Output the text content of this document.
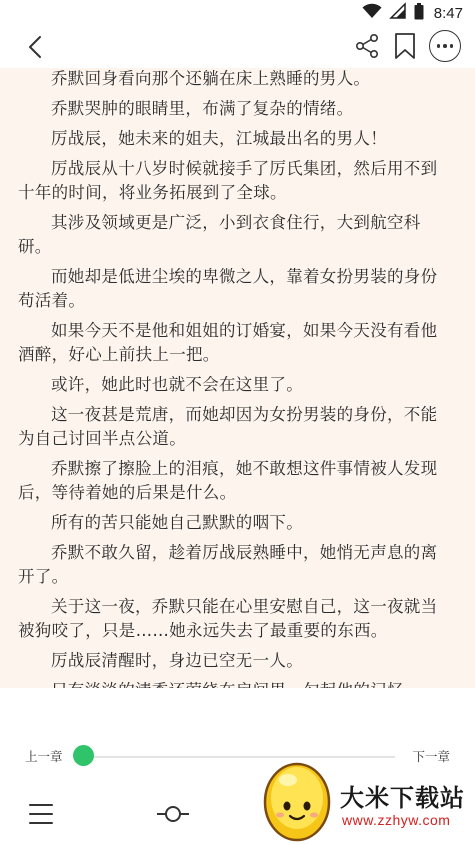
8:47

乔默回身看向那个还躺在床上熟睡的男人。

乔默哭肿的眼睛里，布满了复杂的情绪。

厉战辰，她未来的姐夫，江城最出名的男人！

厉战辰从十八岁时候就接手了厉氏集团，然后用不到十年的时间，将业务拓展到了全球。

其涉及领域更是广泛，小到衣食住行，大到航空科研。

而她却是低进尘埃的卑微之人，靠着女扮男装的身份苟活着。

如果今天不是他和姐姐的订婚宴，如果今天没有看他酒醉，好心上前扶上一把。

或许，她此时也就不会在这里了。

这一夜甚是荒唐，而她却因为女扮男装的身份，不能为自己讨回半点公道。

乔默擦了擦脸上的泪痕，她不敢想这件事情被人发现后，等待着她的后果是什么。

所有的苦只能她自己默默的咽下。

乔默不敢久留，趁着厉战辰熟睡中，她悄无声息的离开了。

关于这一夜，乔默只能在心里安慰自己，这一夜就当被狗咬了，只是……她永远失去了最重要的东西。

厉战辰清醒时，身边已空无一人。

上一章	下一章
大米下载站
www.zzhyw.com
